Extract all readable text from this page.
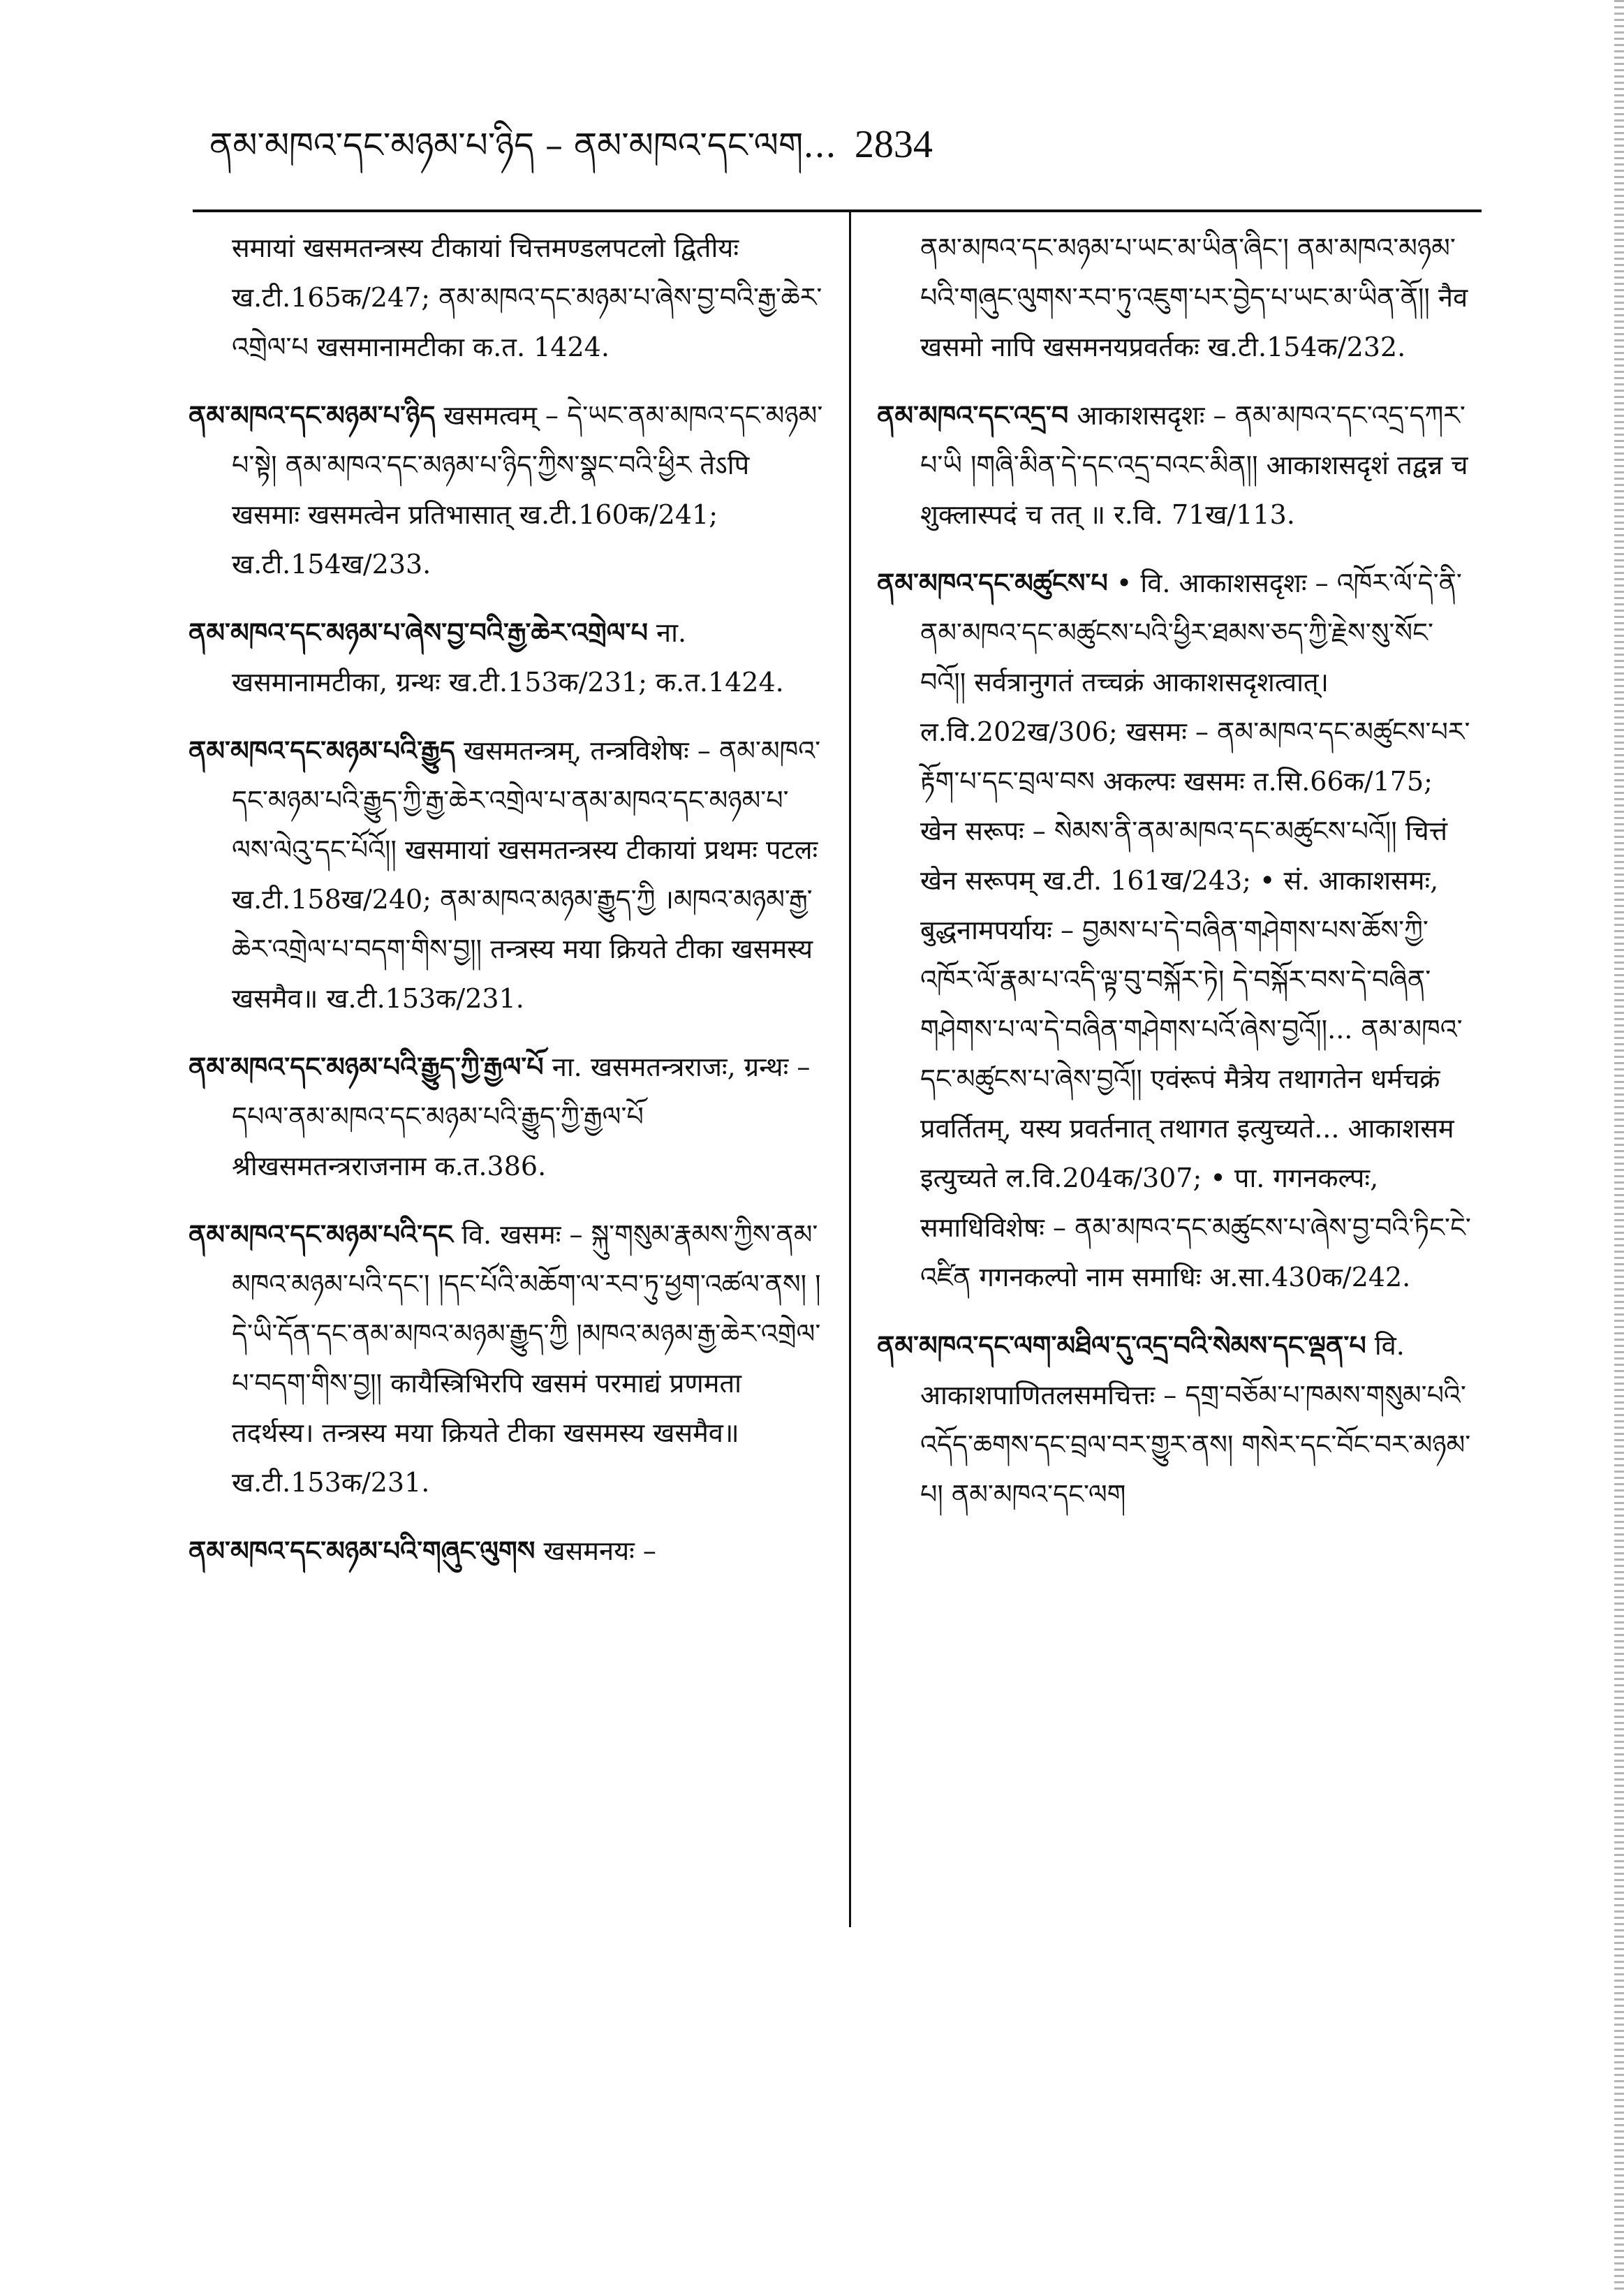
ནམ་མཁའ་དང་མཉམ་པ་ཉིད – ནམ་མཁའ་དང་ལག... 2834

समायां खसमतन्त्रस्य टीकायां चित्तमण्डलपटलो द्वितीयः ख.टी.165क/247; ནམ་མཁའ་དང་མཉམ་པ་ཞེས་བྱ་བའི་རྒྱ་ཆེར་འགྲེལ་པ खसमानामटीका क.त. 1424.

ནམ་མཁའ་དང་མཉམ་པ་ཉིད खसमत्वम् – དེ་ཡང་ནམ་མཁའ་དང་མཉམ་པ་སྟེ། ནམ་མཁའ་དང་མཉམ་པ་ཉིད་ཀྱིས་སྣང་བའི་ཕྱིར तेऽपि खसमाः खसमत्वेन प्रतिभासात् ख.टी.160क/241; ख.टी.154ख/233.

ནམ་མཁའ་དང་མཉམ་པ་ཞེས་བྱ་བའི་རྒྱ་ཆེར་འགྲེལ་པ ना. खसमानामटीका, ग्रन्थः ख.टी.153क/231; क.त.1424.

ནམ་མཁའ་དང་མཉམ་པའི་རྒྱུད खसमतन्त्रम्, तन्त्रविशेषः – ནམ་མཁའ་དང་མཉམ་པའི་རྒྱུད་ཀྱི་རྒྱ་ཆེར་འགྲེལ་པ་ནམ་མཁའ་དང་མཉམ་པ་ལས་ལེའུ་དང་པོའོ།། खसमायां खसमतन्त्रस्य टीकायां प्रथमः पटलः ख.टी.158ख/240; ནམ་མཁའ་མཉམ་རྒྱུད་ཀྱི ।མཁའ་མཉམ་རྒྱ་ཆེར་འགྲེལ་པ་བདག་གིས་བྱ།། तन्त्रस्य मया क्रियते टीका खसमस्य खसमैव॥ ख.टी.153क/231.

ནམ་མཁའ་དང་མཉམ་པའི་རྒྱུད་ཀྱི་རྒྱལ་པོ ना. खसमतन्त्रराजः, ग्रन्थः – དཔལ་ནམ་མཁའ་དང་མཉམ་པའི་རྒྱུད་ཀྱི་རྒྱལ་པོ श्रीखसमतन्त्रराजनाम क.त.386.

ནམ་མཁའ་དང་མཉམ་པའི་དང वि. खसमः – སྐུ་གསུམ་རྣམས་ཀྱིས་ནམ་མཁའ་མཉམ་པའི་དང་། །དང་པོའི་མཆོག་ལ་རབ་ཏུ་ཕྱག་འཚལ་ནས། །དེ་ཡི་དོན་དང་ནམ་མཁའ་མཉམ་རྒྱུད་ཀྱི །མཁའ་མཉམ་རྒྱ་ཆེར་འགྲེལ་པ་བདག་གིས་བྱ།། कायैस्त्रिभिरपि खसमं परमाद्यं प्रणमता तदर्थस्य। तन्त्रस्य मया क्रियते टीका खसमस्य खसमैव॥ ख.टी.153क/231.

ནམ་མཁའ་དང་མཉམ་པའི་གཞུང་ལུགས खसमनयः –

ནམ་མཁའ་དང་མཉམ་པ་ཡང་མ་ཡིན་ཞིང་། ནམ་མཁའ་མཉམ་པའི་གཞུང་ལུགས་རབ་ཏུ་འཇུག་པར་བྱེད་པ་ཡང་མ་ཡིན་ནོ།། नैव खसमो नापि खसमनयप्रवर्तकः ख.टी.154क/232.

ནམ་མཁའ་དང་འདྲ་བ आकाशसदृशः – ནམ་མཁའ་དང་འདྲ་དཀར་པ་ཡི །གཞི་མིན་དེ་དང་འདྲ་བའང་མིན།། आकाशसदृशं तद्वन्न च शुक्लास्पदं च तत् ॥ र.वि. 71ख/113.

ནམ་མཁའ་དང་མཚུངས་པ • वि. आकाशसदृशः – འཁོར་ལོ་དེ་ནི་ནམ་མཁའ་དང་མཚུངས་པའི་ཕྱིར་ཐམས་ཅད་ཀྱི་རྗེས་སུ་སོང་བའོ།། सर्वत्रानुगतं तच्चक्रं आकाशसदृशत्वात्। ल.वि.202ख/306; खसमः – ནམ་མཁའ་དང་མཚུངས་པར་རྟོག་པ་དང་བྲལ་བས अकल्पः खसमः त.सि.66क/175; खेन सरूपः – སེམས་ནི་ནམ་མཁའ་དང་མཚུངས་པའོ།། चित्तं खेन सरूपम् ख.टी. 161ख/243; • सं. आकाशसमः, बुद्धनामपर्यायः – བྱམས་པ་དེ་བཞིན་གཤེགས་པས་ཆོས་ཀྱི་འཁོར་ལོ་རྣམ་པ་འདི་ལྟ་བུ་བསྐོར་ཏེ། དེ་བསྐོར་བས་དེ་བཞིན་གཤེགས་པ་ལ་དེ་བཞིན་གཤེགས་པའོ་ཞེས་བྱའོ།།... ནམ་མཁའ་དང་མཚུངས་པ་ཞེས་བྱའོ།། एवंरूपं मैत्रेय तथागतेन धर्मचक्रं प्रवर्तितम्, यस्य प्रवर्तनात् तथागत इत्युच्यते... आकाशसम इत्युच्यते ल.वि.204क/307; • पा. गगनकल्पः, समाधिविशेषः – ནམ་མཁའ་དང་མཚུངས་པ་ཞེས་བྱ་བའི་ཏིང་ངེ་འཛིན गगनकल्पो नाम समाधिः अ.सा.430क/242.

ནམ་མཁའ་དང་ལག་མཐིལ་དུ་འདྲ་བའི་སེམས་དང་ལྡན་པ वि. आकाशपाणितलसमचित्तः – དགྲ་བཅོམ་པ་ཁམས་གསུམ་པའི་འདོད་ཆགས་དང་བྲལ་བར་གྱུར་ནས། གསེར་དང་བོང་བར་མཉམ་པ། ནམ་མཁའ་དང་ལག
